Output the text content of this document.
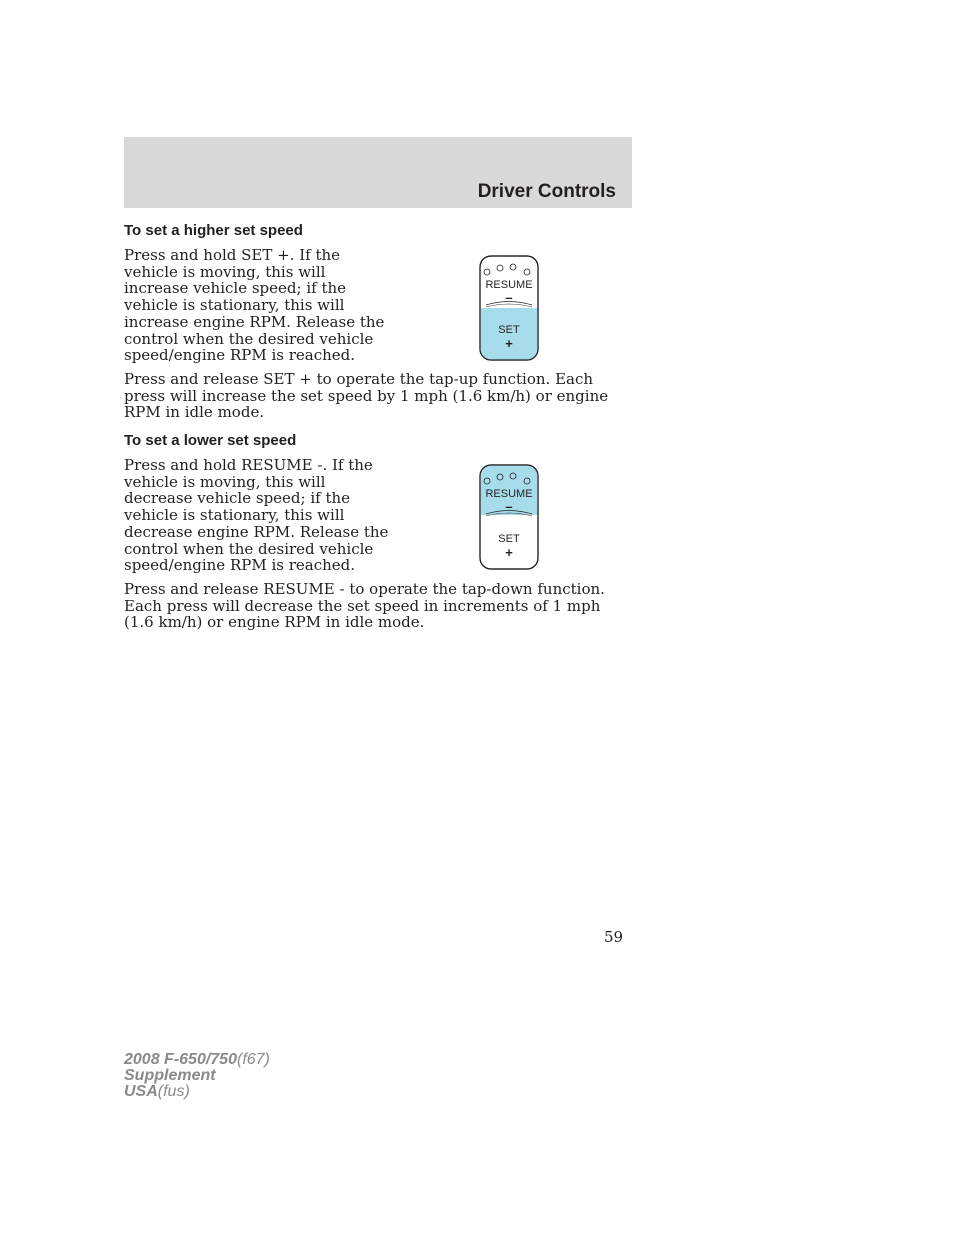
Driver Controls
To set a higher set speed

Press and hold SET +. If the vehicle is moving, this will increase vehicle speed; if the vehicle is stationary, this will increase engine RPM. Release the control when the desired vehicle speed/engine RPM is reached.

Press and release SET + to operate the tap-up function. Each press will increase the set speed by 1 mph (1.6 km/h) or engine RPM in idle mode.

RESUME
–
SET
+
To set a lower set speed

Press and hold RESUME -. If the vehicle is moving, this will decrease vehicle speed; if the vehicle is stationary, this will decrease engine RPM. Release the control when the desired vehicle speed/engine RPM is reached.

Press and release RESUME - to operate the tap-down function. Each press will decrease the set speed in increments of 1 mph (1.6 km/h) or engine RPM in idle mode.

RESUME
–
SET
+
59
2008 F-650/750(f67)
Supplement
USA(fus)
